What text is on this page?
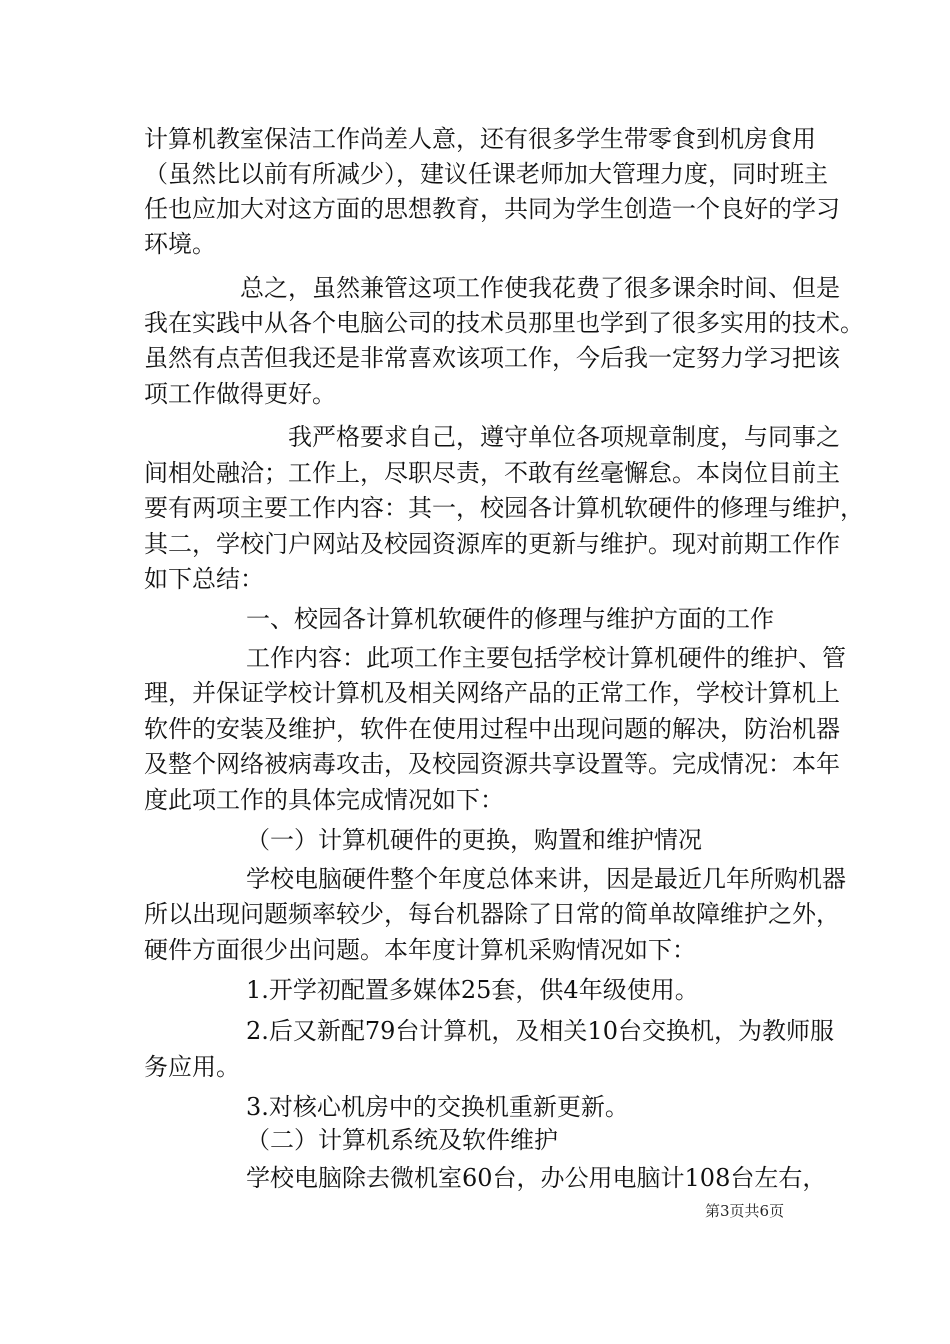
计算机教室保洁工作尚差人意，还有很多学生带零食到机房食用
（虽然比以前有所减少），建议任课老师加大管理力度，同时班主
任也应加大对这方面的思想教育，共同为学生创造一个良好的学习
环境。
总之，虽然兼管这项工作使我花费了很多课余时间、但是
我在实践中从各个电脑公司的技术员那里也学到了很多实用的技术。
虽然有点苦但我还是非常喜欢该项工作，今后我一定努力学习把该
项工作做得更好。
我严格要求自己，遵守单位各项规章制度，与同事之
间相处融洽；工作上，尽职尽责，不敢有丝毫懈怠。本岗位目前主
要有两项主要工作内容：其一，校园各计算机软硬件的修理与维护，
其二，学校门户网站及校园资源库的更新与维护。现对前期工作作
如下总结：
一、校园各计算机软硬件的修理与维护方面的工作
工作内容：此项工作主要包括学校计算机硬件的维护、管
理，并保证学校计算机及相关网络产品的正常工作，学校计算机上
软件的安装及维护，软件在使用过程中出现问题的解决，防治机器
及整个网络被病毒攻击，及校园资源共享设置等。完成情况：本年
度此项工作的具体完成情况如下：
（一）计算机硬件的更换，购置和维护情况
学校电脑硬件整个年度总体来讲，因是最近几年所购机器
所以出现问题频率较少，每台机器除了日常的简单故障维护之外，
硬件方面很少出问题。本年度计算机采购情况如下：
1.开学初配置多媒体25套，供4年级使用。
2.后又新配79台计算机，及相关10台交换机，为教师服
务应用。
3.对核心机房中的交换机重新更新。
（二）计算机系统及软件维护
学校电脑除去微机室60台，办公用电脑计108台左右，
第3页共6页
